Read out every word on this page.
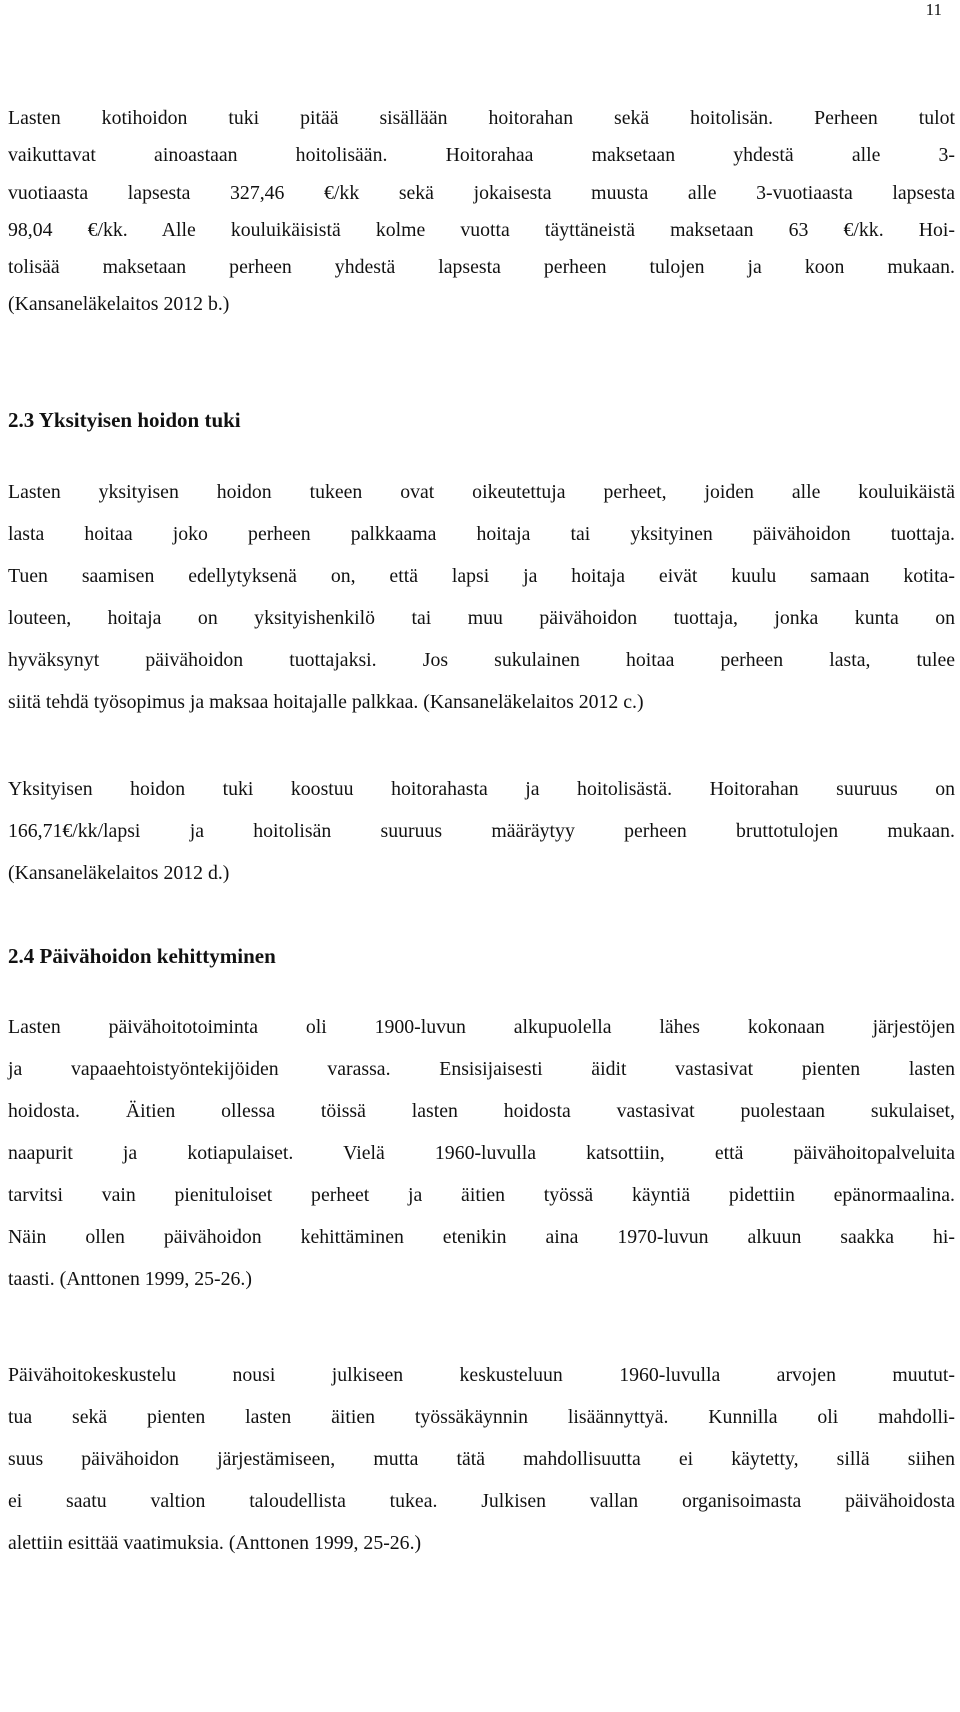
11
Lasten kotihoidon tuki pitää sisällään hoitorahan sekä hoitolisän. Perheen tulot
vaikuttavat ainoastaan hoitolisään. Hoitorahaa maksetaan yhdestä alle 3-
vuotiaasta lapsesta 327,46 €/kk sekä jokaisesta muusta alle 3-vuotiaasta lapsesta
98,04 €/kk. Alle kouluikäisistä kolme vuotta täyttäneistä maksetaan 63 €/kk. Hoi-
tolisää maksetaan perheen yhdestä lapsesta perheen tulojen ja koon mukaan.
(Kansaneläkelaitos 2012 b.)
2.3 Yksityisen hoidon tuki
Lasten yksityisen hoidon tukeen ovat oikeutettuja perheet, joiden alle kouluikäistä
lasta hoitaa joko perheen palkkaama hoitaja tai yksityinen päivähoidon tuottaja.
Tuen saamisen edellytyksenä on, että lapsi ja hoitaja eivät kuulu samaan kotita-
louteen, hoitaja on yksityishenkilö tai muu päivähoidon tuottaja, jonka kunta on
hyväksynyt päivähoidon tuottajaksi. Jos sukulainen hoitaa perheen lasta, tulee
siitä tehdä työsopimus ja maksaa hoitajalle palkkaa. (Kansaneläkelaitos 2012 c.)
Yksityisen hoidon tuki koostuu hoitorahasta ja hoitolisästä. Hoitorahan suuruus on
166,71€/kk/lapsi ja hoitolisän suuruus määräytyy perheen bruttotulojen mukaan.
(Kansaneläkelaitos 2012 d.)
2.4 Päivähoidon kehittyminen
Lasten päivähoitotoiminta oli 1900-luvun alkupuolella lähes kokonaan järjestöjen
ja vapaaehtoistyöntekijöiden varassa. Ensisijaisesti äidit vastasivat pienten lasten
hoidosta. Äitien ollessa töissä lasten hoidosta vastasivat puolestaan sukulaiset,
naapurit ja kotiapulaiset. Vielä 1960-luvulla katsottiin, että päivähoitopalveluita
tarvitsi vain pienituloiset perheet ja äitien työssä käyntiä pidettiin epänormaalina.
Näin ollen päivähoidon kehittäminen etenikin aina 1970-luvun alkuun saakka hi-
taasti. (Anttonen 1999, 25-26.)
Päivähoitokeskustelu nousi julkiseen keskusteluun 1960-luvulla arvojen muutut-
tua sekä pienten lasten äitien työssäkäynnin lisäännyttyä. Kunnilla oli mahdolli-
suus päivähoidon järjestämiseen, mutta tätä mahdollisuutta ei käytetty, sillä siihen
ei saatu valtion taloudellista tukea. Julkisen vallan organisoimasta päivähoidosta
alettiin esittää vaatimuksia. (Anttonen 1999, 25-26.)
